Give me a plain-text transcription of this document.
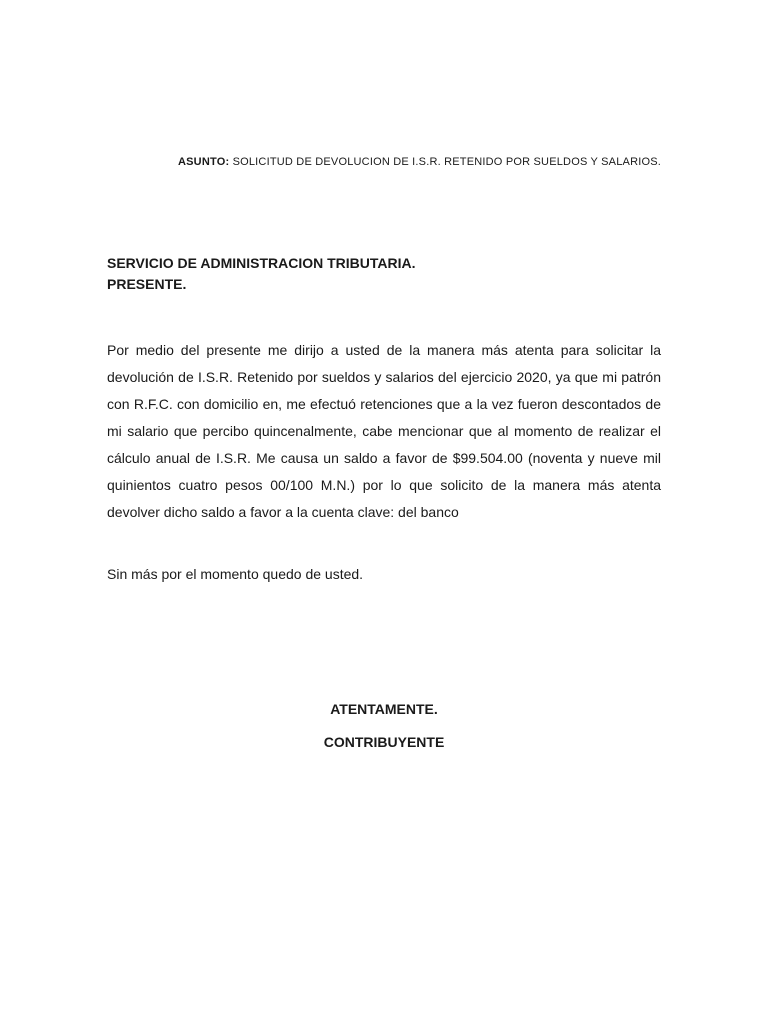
ASUNTO: SOLICITUD DE DEVOLUCION DE I.S.R. RETENIDO POR SUELDOS Y SALARIOS.
SERVICIO DE ADMINISTRACION TRIBUTARIA.
PRESENTE.

Por medio del presente me dirijo a usted de la manera más atenta para solicitar la devolución de I.S.R. Retenido por sueldos y salarios del ejercicio 2020, ya que mi patrón con R.F.C. con domicilio en, me efectuó retenciones que a la vez fueron descontados de mi salario que percibo quincenalmente, cabe mencionar que al momento de realizar el cálculo anual de I.S.R. Me causa un saldo a favor de $99.504.00 (noventa y nueve mil quinientos cuatro pesos 00/100 M.N.) por lo que solicito de la manera más atenta devolver dicho saldo a favor a la cuenta clave: del banco

Sin más por el momento quedo de usted.
ATENTAMENTE.
CONTRIBUYENTE
